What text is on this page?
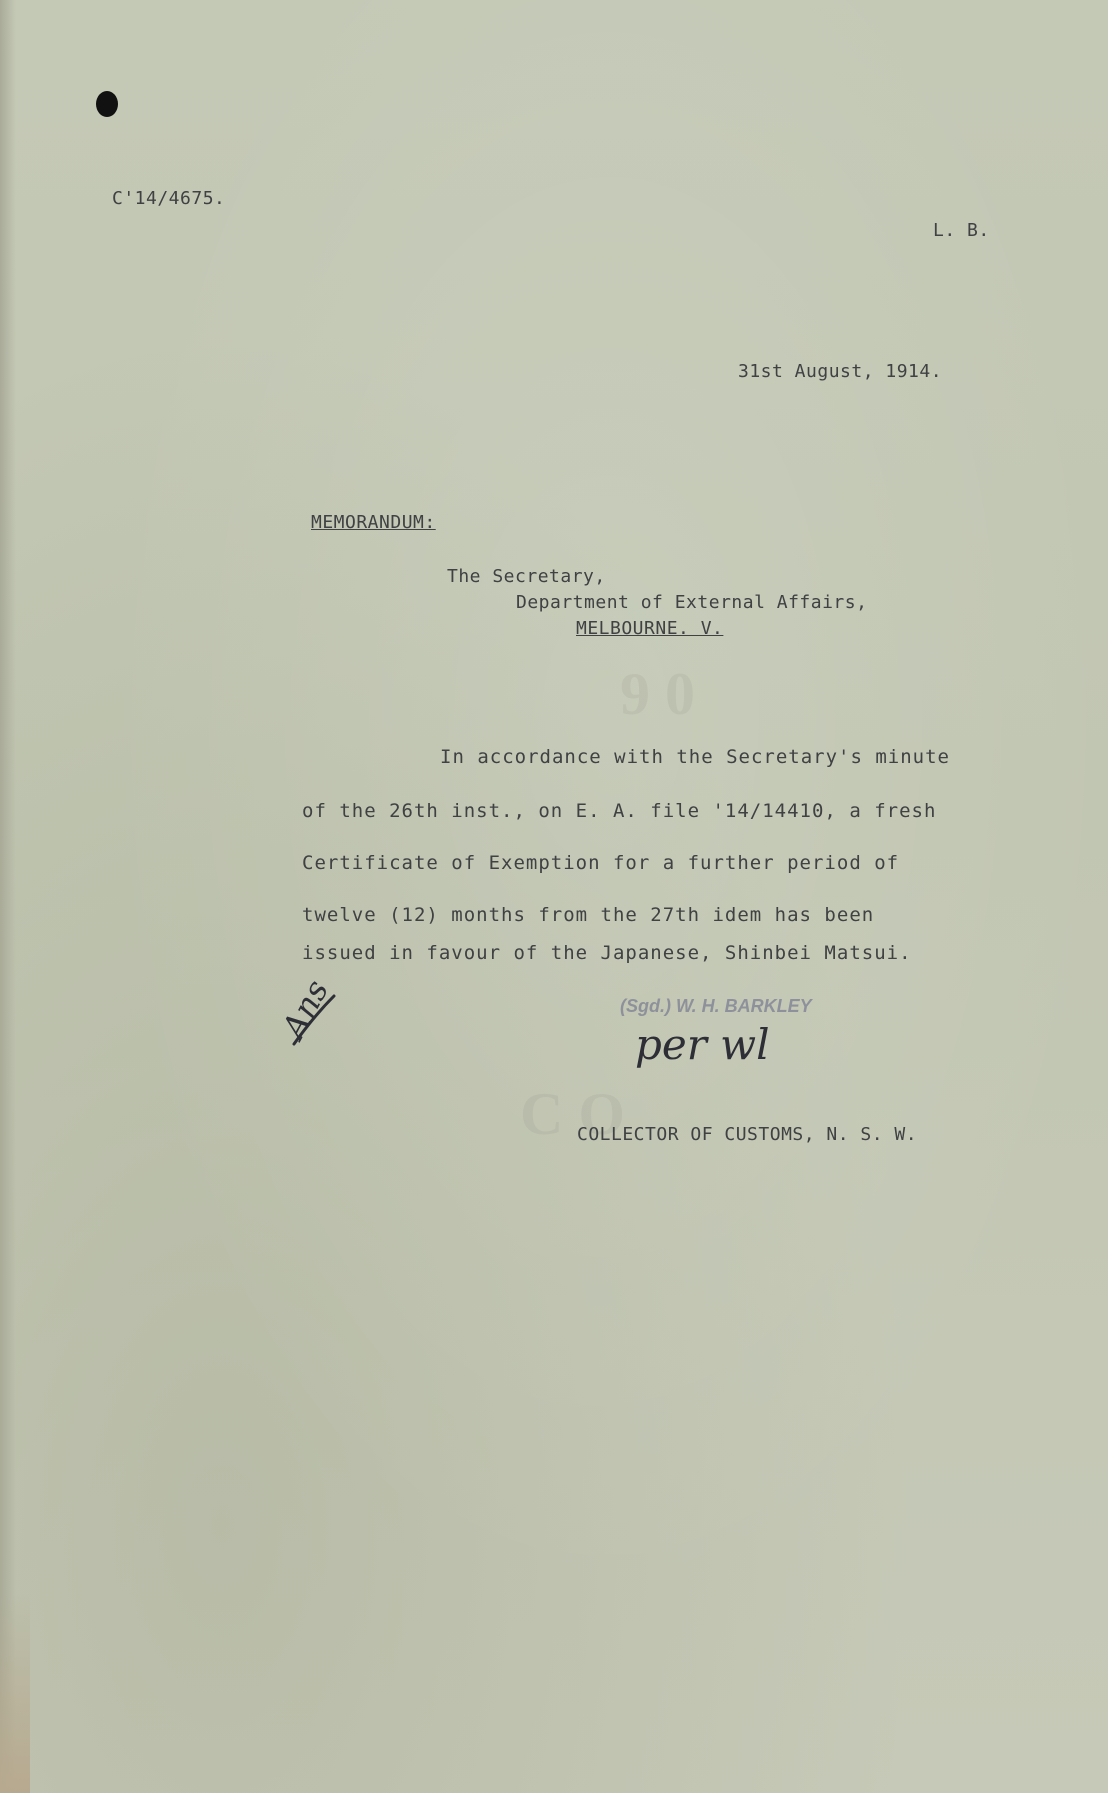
9 0
C O
C'14/4675.
L. B.
31st August, 1914.
MEMORANDUM:
The Secretary,
Department of External Affairs,
MELBOURNE. V.
In accordance with the Secretary's minute
of the 26th inst., on E. A. file '14/14410, a fresh
Certificate of Exemption for a further period of
twelve (12) months from the 27th idem has been
issued in favour of the Japanese, Shinbei Matsui.
Ans	(Sgd.) W. H. BARKLEY
per wl
COLLECTOR OF CUSTOMS, N. S. W.
